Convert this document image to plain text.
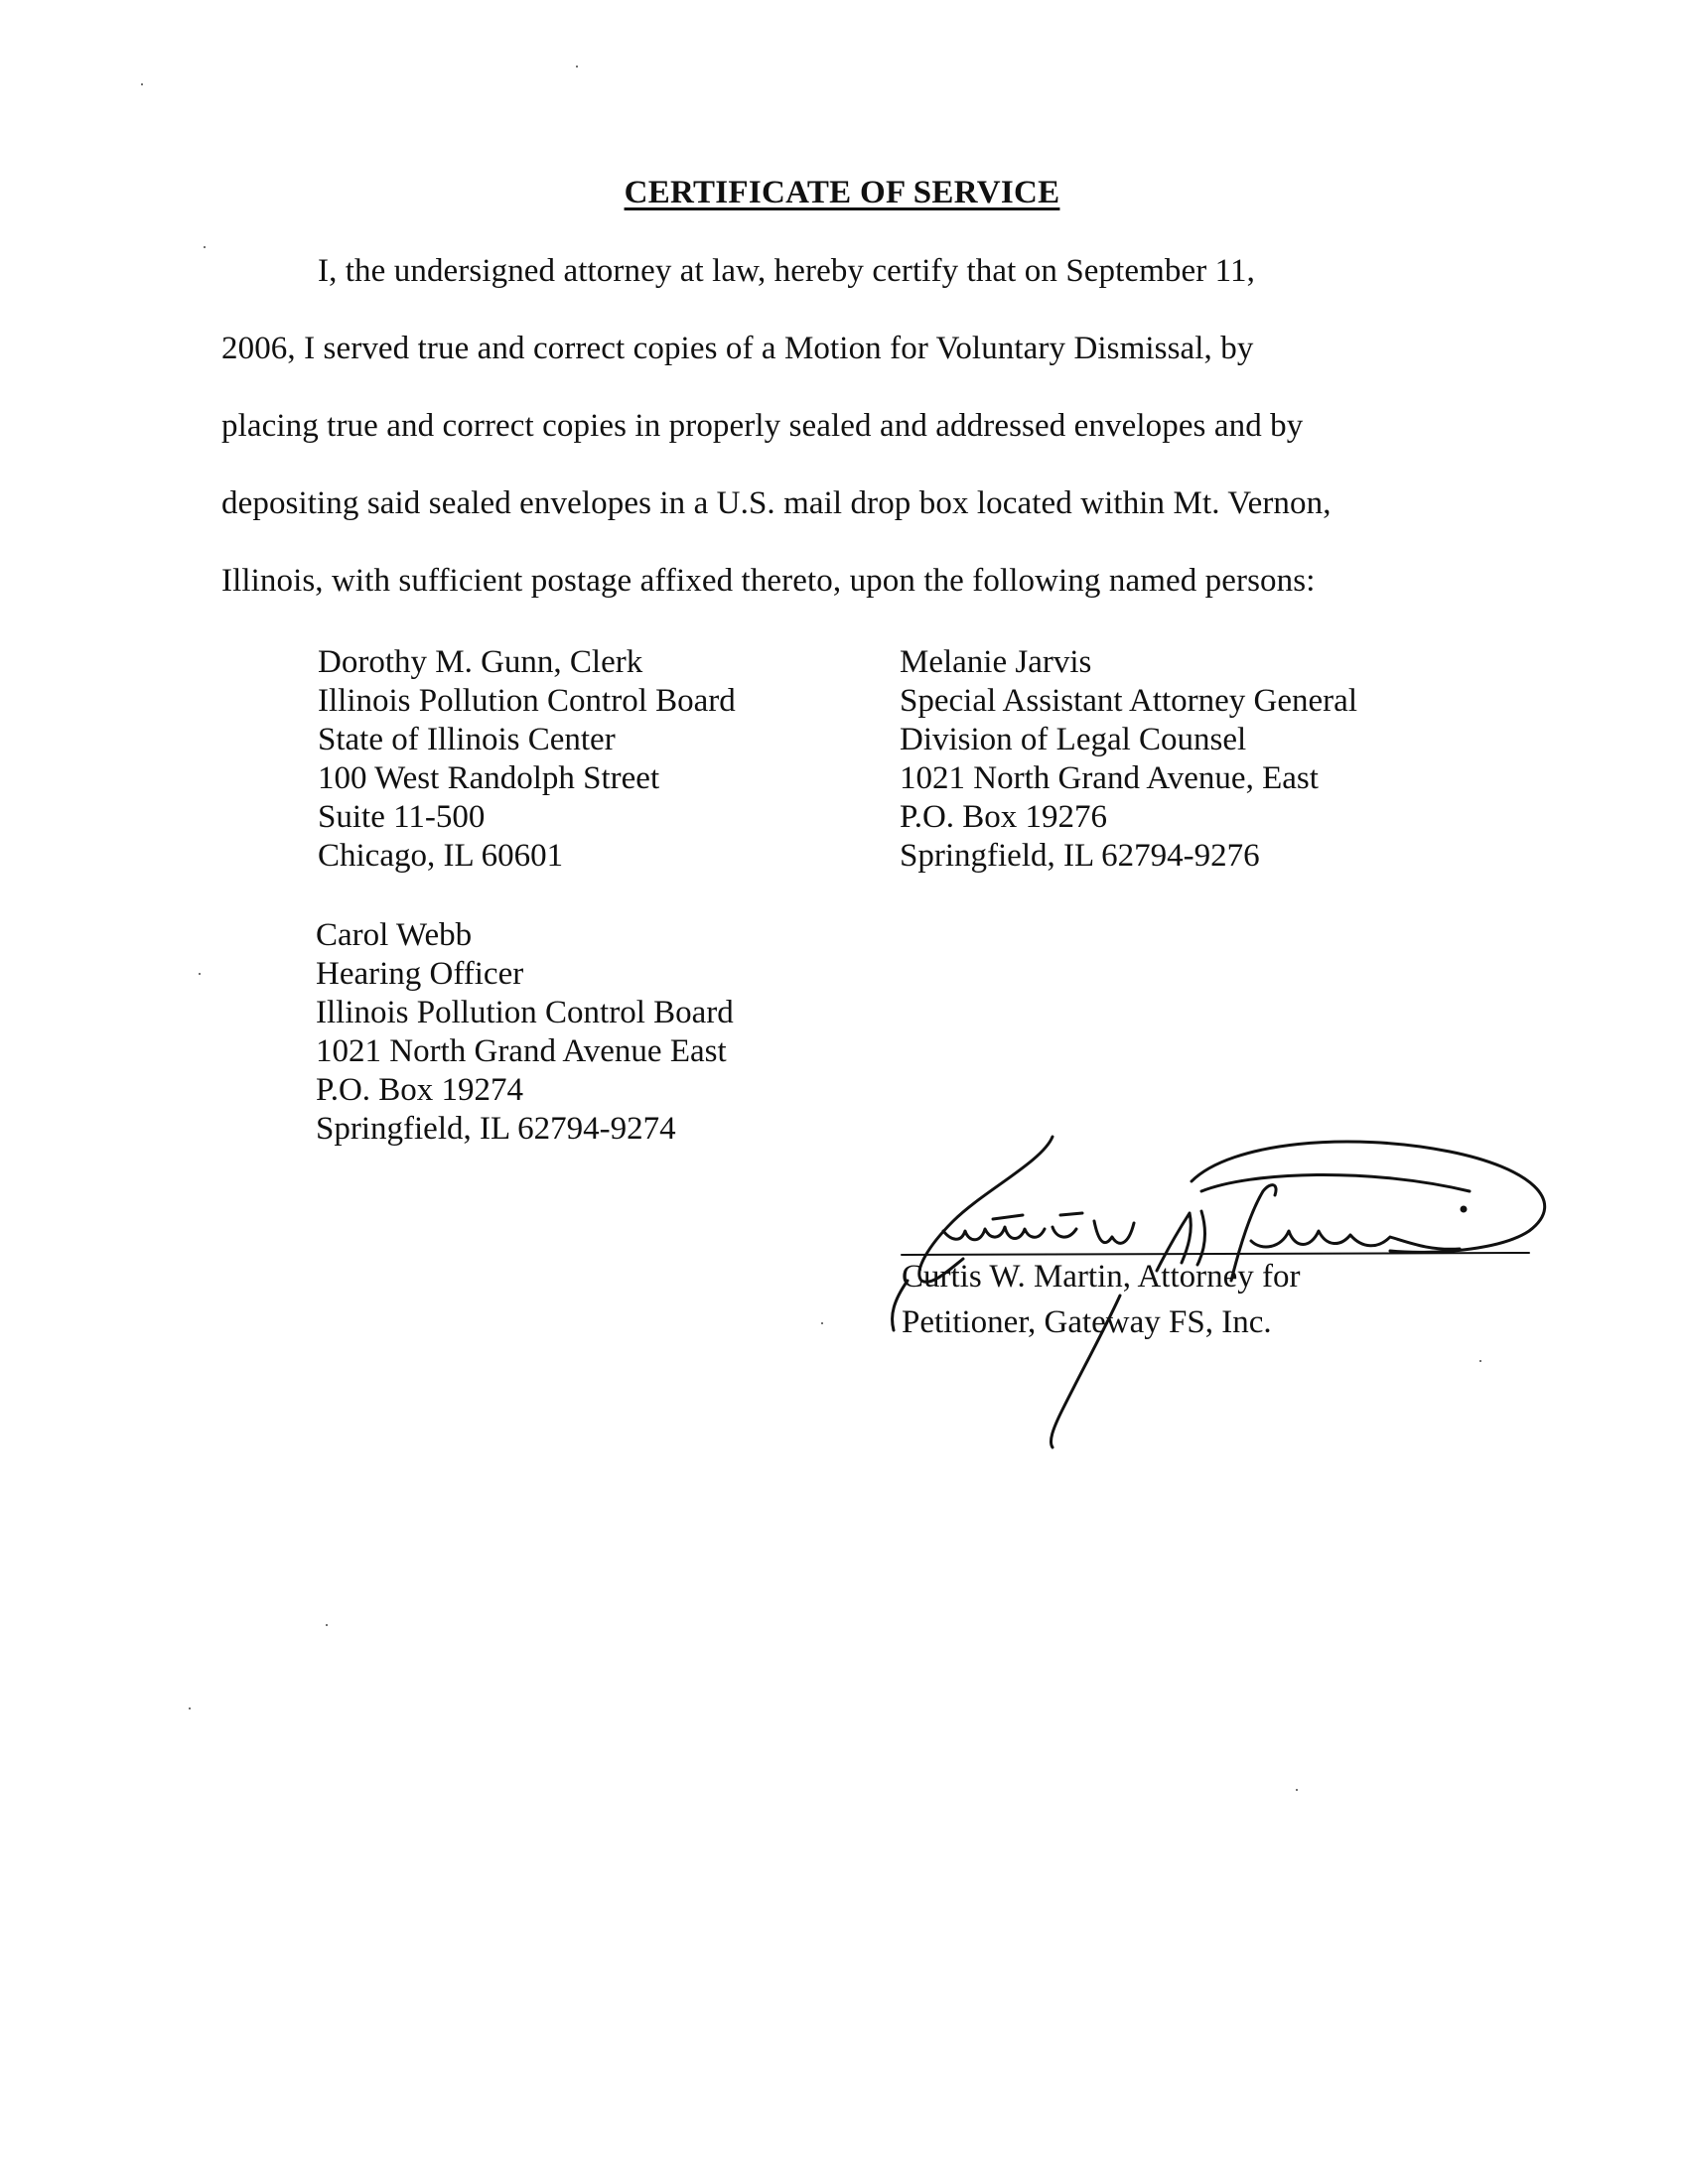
CERTIFICATE OF SERVICE
I, the undersigned attorney at law, hereby certify that on September 11,
2006, I served true and correct copies of a Motion for Voluntary Dismissal, by
placing true and correct copies in properly sealed and addressed envelopes and by
depositing said sealed envelopes in a U.S. mail drop box located within Mt. Vernon,
Illinois, with sufficient postage affixed thereto, upon the following named persons:
Dorothy M. Gunn, Clerk
Illinois Pollution Control Board
State of Illinois Center
100 West Randolph Street
Suite 11-500
Chicago, IL 60601
Melanie Jarvis
Special Assistant Attorney General
Division of Legal Counsel
1021 North Grand Avenue, East
P.O. Box 19276
Springfield, IL 62794-9276
Carol Webb
Hearing Officer
Illinois Pollution Control Board
1021 North Grand Avenue East
P.O. Box 19274
Springfield, IL 62794-9274
Curtis W. Martin, Attorney for
Petitioner, Gateway FS, Inc.
